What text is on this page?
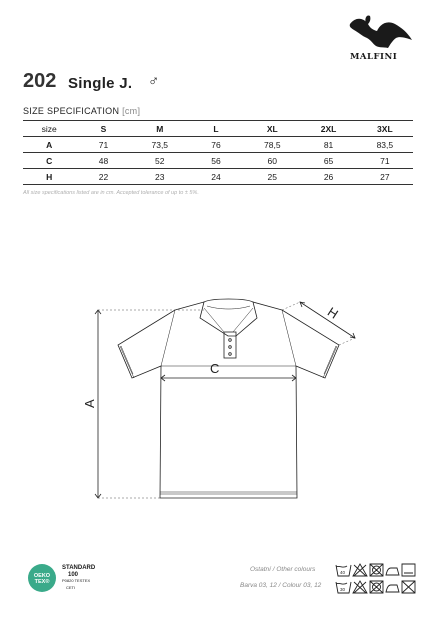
MALFINI
202 Single J. ♂
SIZE SPECIFICATION [cm]
size	S	M	L	XL	2XL	3XL
A	71	73,5	76	78,5	81	83,5
C	48	52	56	60	65	71
H	22	23	24	25	26	27
All size specifications listed are in cm. Accepted tolerance of up to ± 5%.
A
C
H
OEKO
TEX®
STANDARD
100
P0820 TESTEX
CETI
Ostatní / Other colours
Barva 03, 12 / Colour 03, 12
40
30
